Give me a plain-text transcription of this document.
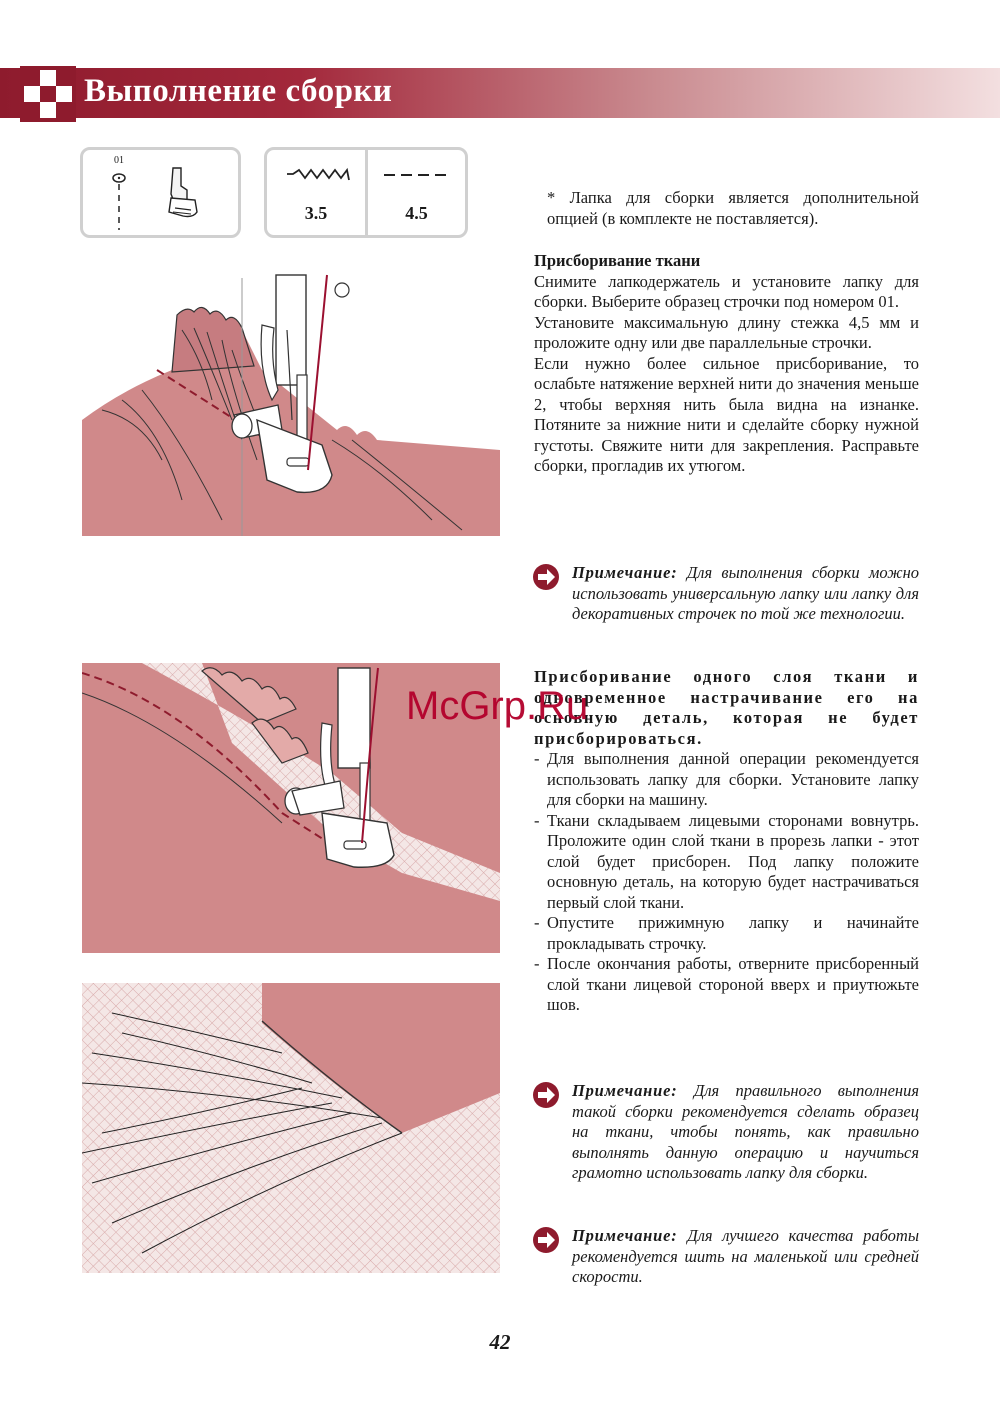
Выполнение сборки
01
3.5	4.5
* Лапка для сборки является дополнительной опцией (в комплекте не поставляется).

Присборивание ткани

Снимите лапкодержатель и установите лапку для сборки. Выберите образец строчки под номером 01.

Установите максимальную длину стежка 4,5 мм и проложите одну или две параллельные строчки.

Если нужно более сильное присборивание, то ослабьте натяжение верхней нити до значения меньше 2, чтобы верхняя нить была видна на изнанке. Потяните за нижние нити и сделайте сборку нужной густоты. Свяжите нити для закрепления. Расправьте сборки, прогладив их утюгом.

Примечание: Для выполнения сборки можно использовать универсальную лапку или лапку для декоративных строчек по той же технологии.

Присборивание одного слоя ткани и одновременное настрачивание его на основную деталь, которая не будет присборироваться.

- Для выполнения данной операции рекомендуется использовать лапку для сборки. Установите лапку для сборки на машину.
- Ткани складываем лицевыми сторонами вовнутрь. Проложите один слой ткани в прорезь лапки - этот слой будет присборен. Под лапку положите основную деталь, на которую будет настрачиваться первый слой ткани.
- Опустите прижимную лапку и начинайте прокладывать строчку.
- После окончания работы, отверните присборенный слой ткани лицевой стороной вверх и приутюжьте шов.
Примечание: Для правильного выполнения такой сборки рекомендуется сделать образец на ткани, чтобы понять, как правильно выполнять данную операцию и научиться грамотно использовать лапку для сборки.
Примечание: Для лучшего качества работы рекомендуется шить на маленькой или средней скорости.
McGrp.Ru
42
